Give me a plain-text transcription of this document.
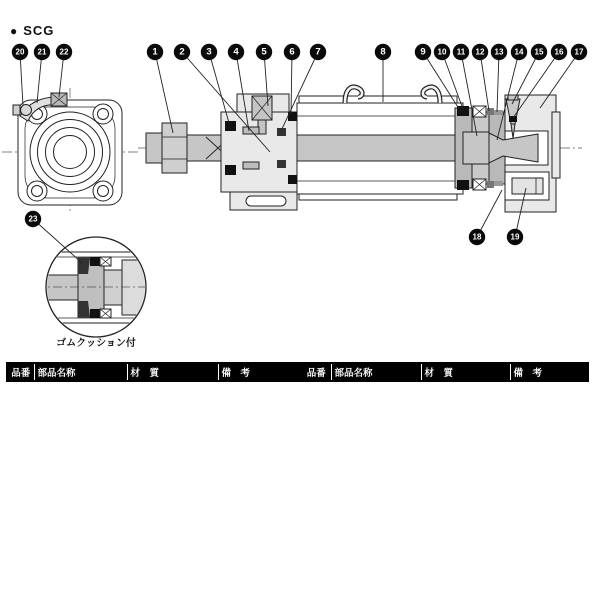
● SCG
1 2 3 4 5 6 7	8	9 10 11 12 13 14 15 16 17
18	19
20 21 22
23
ゴムクッション付
品番	部品名称	材　質	備　考	品番	部品名称	材　質	備　考
